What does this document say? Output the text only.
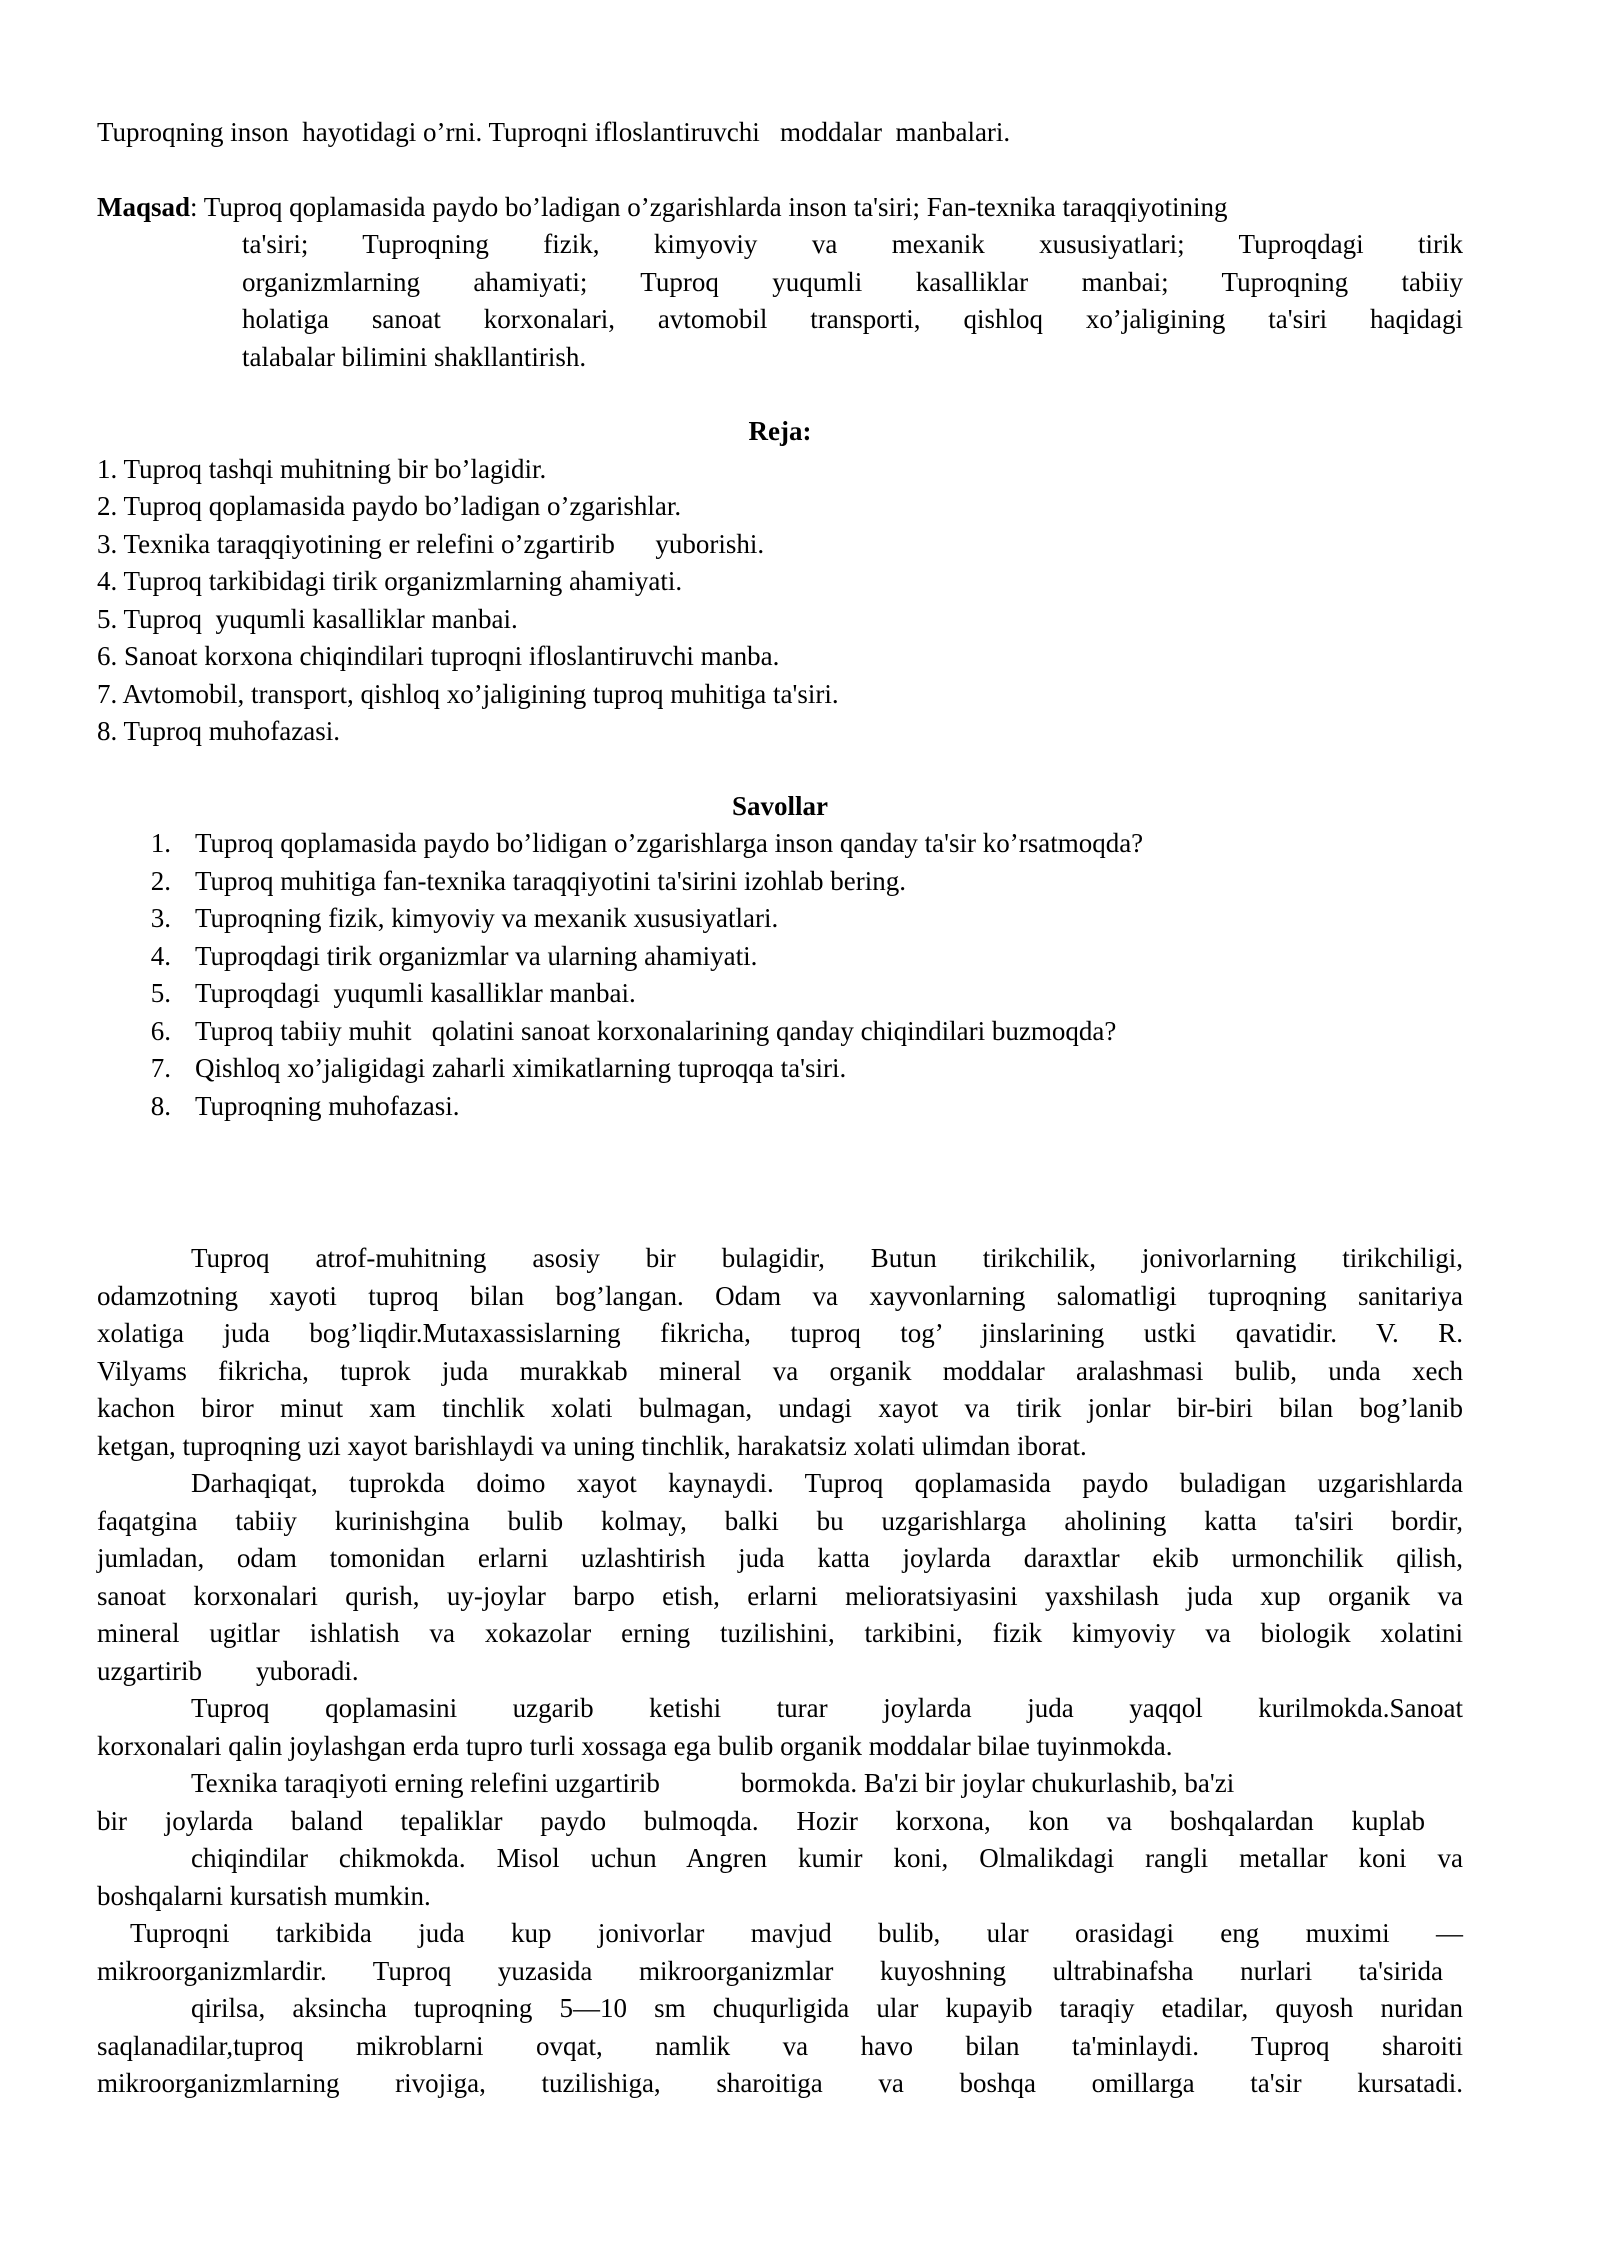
Tuproqning inson  hayotidagi o’rni. Tuproqni ifloslantiruvchi   moddalar  manbalari.

Maqsad : Tuproq qoplamasida paydo bo’ladigan o’zgarishlarda inson ta'siri; Fan-texnika taraqqiyotining
ta'siri; Tuproqning fizik, kimyoviy va mexanik xususiyatlari; Tuproqdagi tirik
organizmlarning ahamiyati; Tuproq yuqumli kasalliklar manbai; Tuproqning tabiiy
holatiga sanoat korxonalari, avtomobil transporti, qishloq xo’jaligining ta'siri haqidagi
talabalar bilimini shakllantirish.

Reja:

1. Tuproq tashqi muhitning bir bo’lagidir.
2. Tuproq qoplamasida paydo bo’ladigan o’zgarishlar.
3. Texnika taraqqiyotining er relefini o’zgartirib      yuborishi.
4. Tuproq tarkibidagi tirik organizmlarning ahamiyati.
5. Tuproq  yuqumli kasalliklar manbai.
6. Sanoat korxona chiqindilari tuproqni ifloslantiruvchi manba.
7. Avtomobil, transport, qishloq xo’jaligining tuproq muhitiga ta'siri.
8. Tuproq muhofazasi.

Savollar

1. Tuproq qoplamasida paydo bo’lidigan o’zgarishlarga inson qanday ta'sir ko’rsatmoqda?
2. Tuproq muhitiga fan-texnika taraqqiyotini ta'sirini izohlab bering.
3. Tuproqning fizik, kimyoviy va mexanik xususiyatlari.
4. Tuproqdagi tirik organizmlar va ularning ahamiyati.
5. Tuproqdagi  yuqumli kasalliklar manbai.
6. Tuproq tabiiy muhit   qolatini sanoat korxonalarining qanday chiqindilari buzmoqda?
7. Qishloq xo’jaligidagi zaharli ximikatlarning tuproqqa ta'siri.
8. Tuproqning muhofazasi.
Tuproq atrof-muhitning asosiy bir bulagidir, Butun tirikchilik, jonivorlarning tirikchiligi,
odamzotning xayoti tuproq bilan bog’langan. Odam va xayvonlarning salomatligi tuproqning sanitariya
xolatiga juda bog’liqdir.Mutaxassislarning fikricha, tuproq tog’ jinslarining ustki qavatidir. V. R.
Vilyams fikricha, tuprok juda murakkab mineral va organik moddalar aralashmasi bulib, unda xech
kachon biror minut xam tinchlik xolati bulmagan, undagi xayot va tirik jonlar bir-biri bilan bog’lanib
ketgan, tuproqning uzi xayot barishlaydi va uning tinchlik, harakatsiz xolati ulimdan iborat.
Darhaqiqat, tuprokda doimo xayot kaynaydi. Tuproq qoplamasida paydo buladigan uzgarishlarda
faqatgina tabiiy kurinishgina bulib kolmay, balki bu uzgarishlarga aholining katta ta'siri bordir,
jumladan, odam tomonidan erlarni uzlashtirish juda katta joylarda daraxtlar ekib urmonchilik qilish,
sanoat korxonalari qurish, uy-joylar barpo etish, erlarni melioratsiyasini yaxshilash juda xup organik va
mineral ugitlar ishlatish va xokazolar erning tuzilishini, tarkibini, fizik kimyoviy va biologik xolatini
uzgartirib        yuboradi.
Tuproq qoplamasini uzgarib ketishi turar joylarda juda yaqqol kurilmokda.Sanoat
korxonalari qalin joylashgan erda tupro turli xossaga ega bulib organik moddalar bilae tuyinmokda.
Texnika taraqiyoti erning relefini uzgartirib            bormokda. Ba'zi bir joylar chukurlashib, ba'zi
bir joylarda baland tepaliklar paydo bulmoqda. Hozir korxona, kon va boshqalardan kuplab
chiqindilar chikmokda. Misol uchun Angren kumir koni, Olmalikdagi rangli metallar koni va
boshqalarni kursatish mumkin.
Tuproqni tarkibida juda kup jonivorlar mavjud bulib, ular orasidagi eng muximi —
mikroorganizmlardir. Tuproq yuzasida mikroorganizmlar kuyoshning ultrabinafsha nurlari ta'sirida
qirilsa, aksincha tuproqning 5—10 sm chuqurligida ular kupayib taraqiy etadilar, quyosh nuridan
saqlanadilar,tuproq mikroblarni ovqat, namlik va havo bilan ta'minlaydi. Tuproq sharoiti
mikroorganizmlarning rivojiga, tuzilishiga, sharoitiga va boshqa omillarga ta'sir kursatadi.
